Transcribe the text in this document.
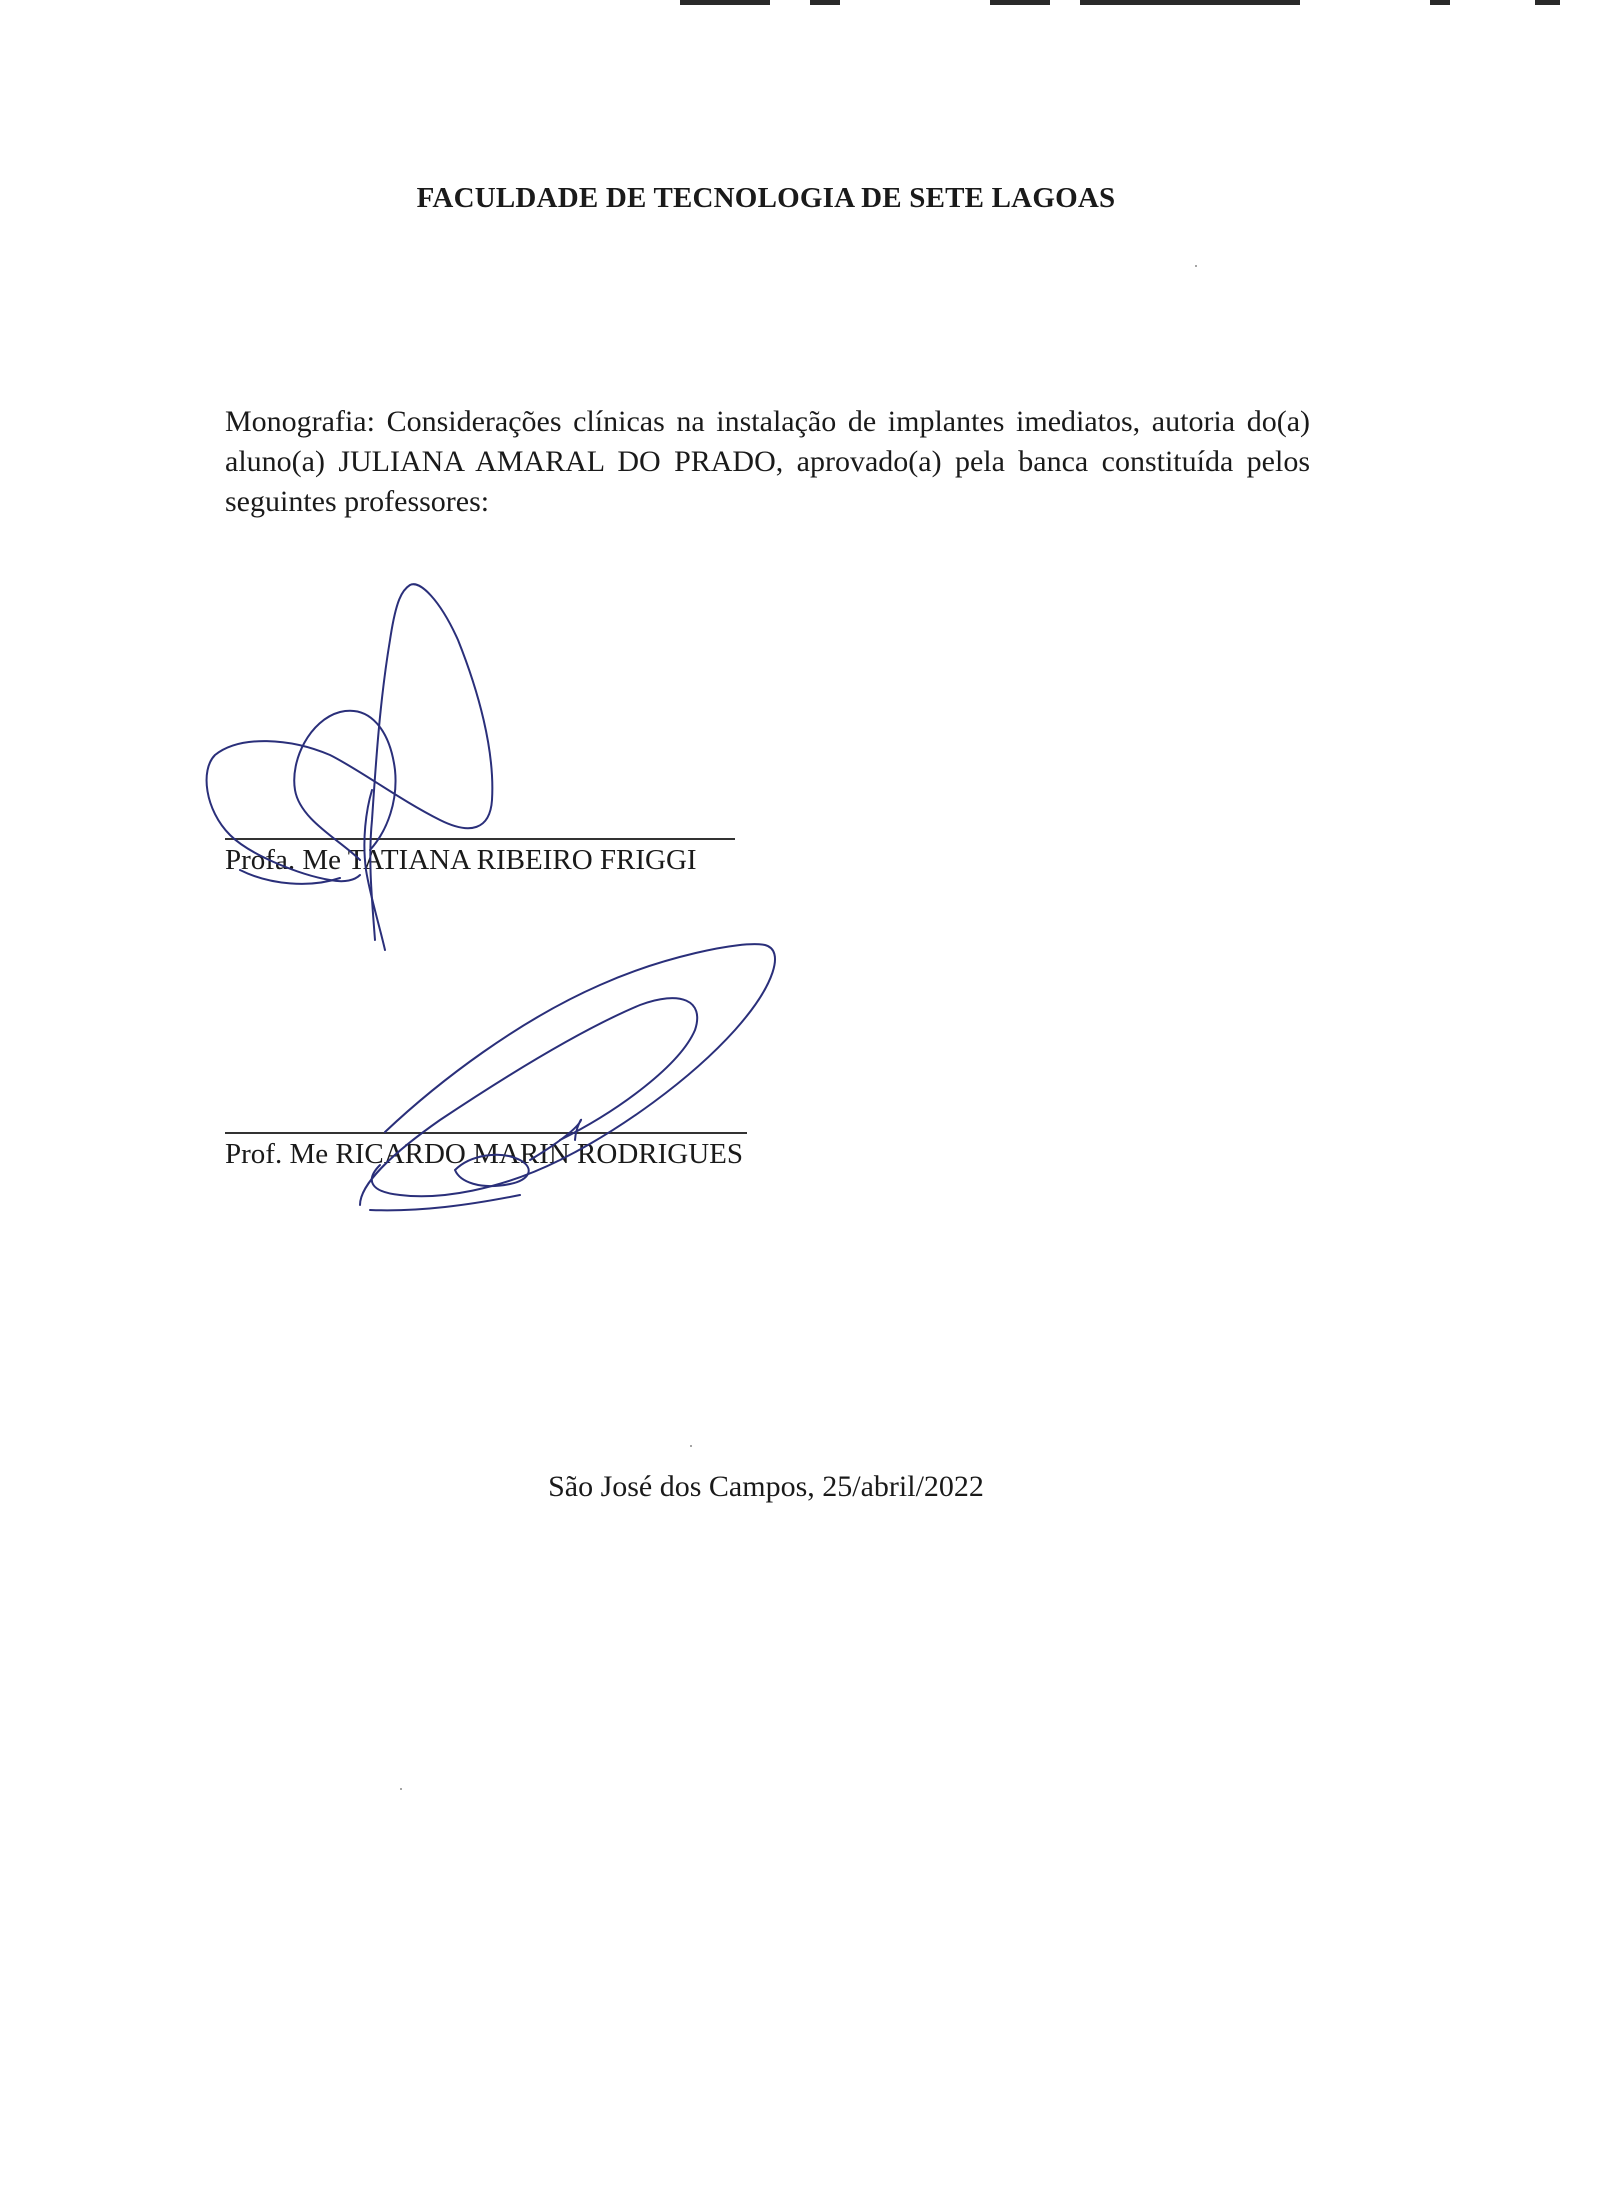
FACULDADE DE TECNOLOGIA DE SETE LAGOAS
Monografia: Considerações clínicas na instalação de implantes imediatos, autoria do(a) aluno(a) JULIANA AMARAL DO PRADO, aprovado(a) pela banca constituída pelos seguintes professores:
Profa. Me TATIANA RIBEIRO FRIGGI
Prof. Me RICARDO MARIN RODRIGUES
São José dos Campos, 25/abril/2022
